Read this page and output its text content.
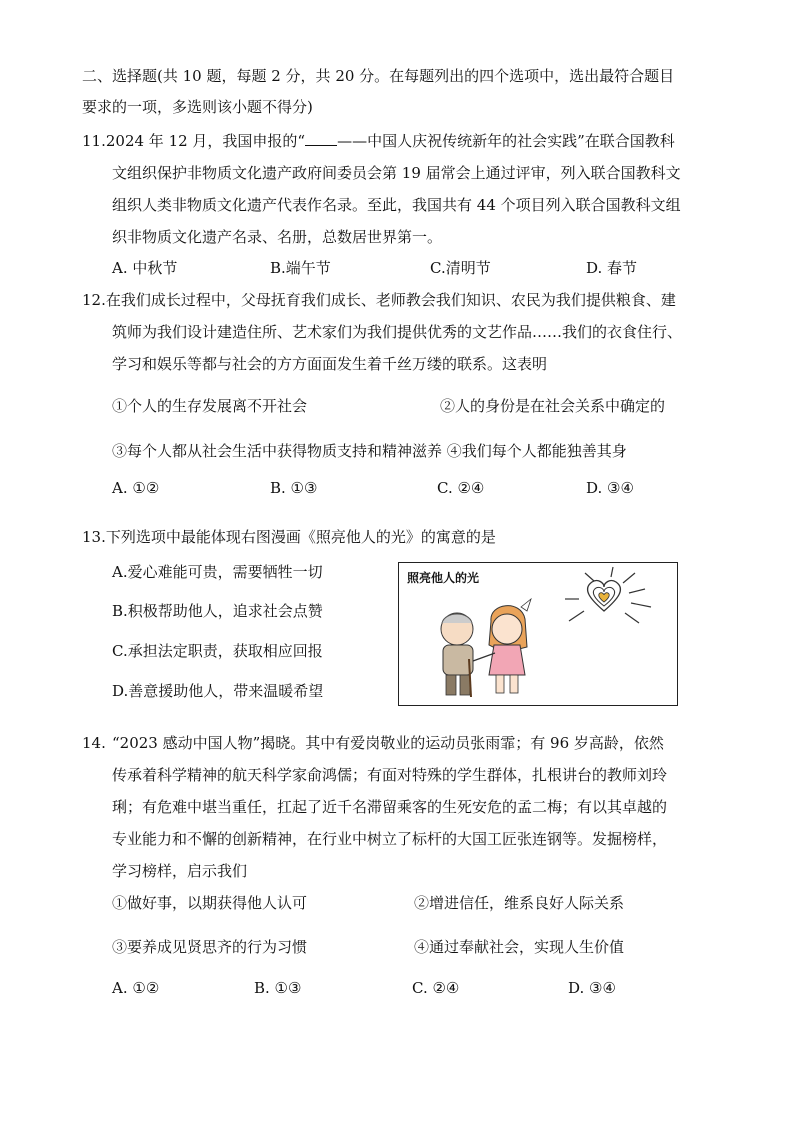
二、选择题(共 10 题，每题 2 分，共 20 分。在每题列出的四个选项中，选出最符合题目
要求的一项，多选则该小题不得分)
11.2024 年 12 月，我国申报的“ ——中国人庆祝传统新年的社会实践”在联合国教科
文组织保护非物质文化遗产政府间委员会第 19 届常会上通过评审，列入联合国教科文
组织人类非物质文化遗产代表作名录。至此，我国共有 44 个项目列入联合国教科文组
织非物质文化遗产名录、名册，总数居世界第一。
A. 中秋节	B.端午节	C.清明节	D. 春节
12.在我们成长过程中，父母抚育我们成长、老师教会我们知识、农民为我们提供粮食、建
筑师为我们设计建造住所、艺术家们为我们提供优秀的文艺作品……我们的衣食住行、
学习和娱乐等都与社会的方方面面发生着千丝万缕的联系。这表明
①个人的生存发展离不开社会	②人的身份是在社会关系中确定的
③每个人都从社会生活中获得物质支持和精神滋养 ④我们每个人都能独善其身
A. ①②	B. ①③	C. ②④	D. ③④
13.下列选项中最能体现右图漫画《照亮他人的光》的寓意的是
A.爱心难能可贵，需要牺牲一切
B.积极帮助他人，追求社会点赞
C.承担法定职责，获取相应回报
D.善意援助他人，带来温暖希望
照亮他人的光
14. “2023 感动中国人物”揭晓。其中有爱岗敬业的运动员张雨霏；有 96 岁高龄，依然
传承着科学精神的航天科学家俞鸿儒；有面对特殊的学生群体，扎根讲台的教师刘玲
琍；有危难中堪当重任，扛起了近千名滞留乘客的生死安危的孟二梅；有以其卓越的
专业能力和不懈的创新精神，在行业中树立了标杆的大国工匠张连钢等。发掘榜样，
学习榜样，启示我们
①做好事，以期获得他人认可	②增进信任，维系良好人际关系
③要养成见贤思齐的行为习惯	④通过奉献社会，实现人生价值
A. ①②	B. ①③	C. ②④	D. ③④
